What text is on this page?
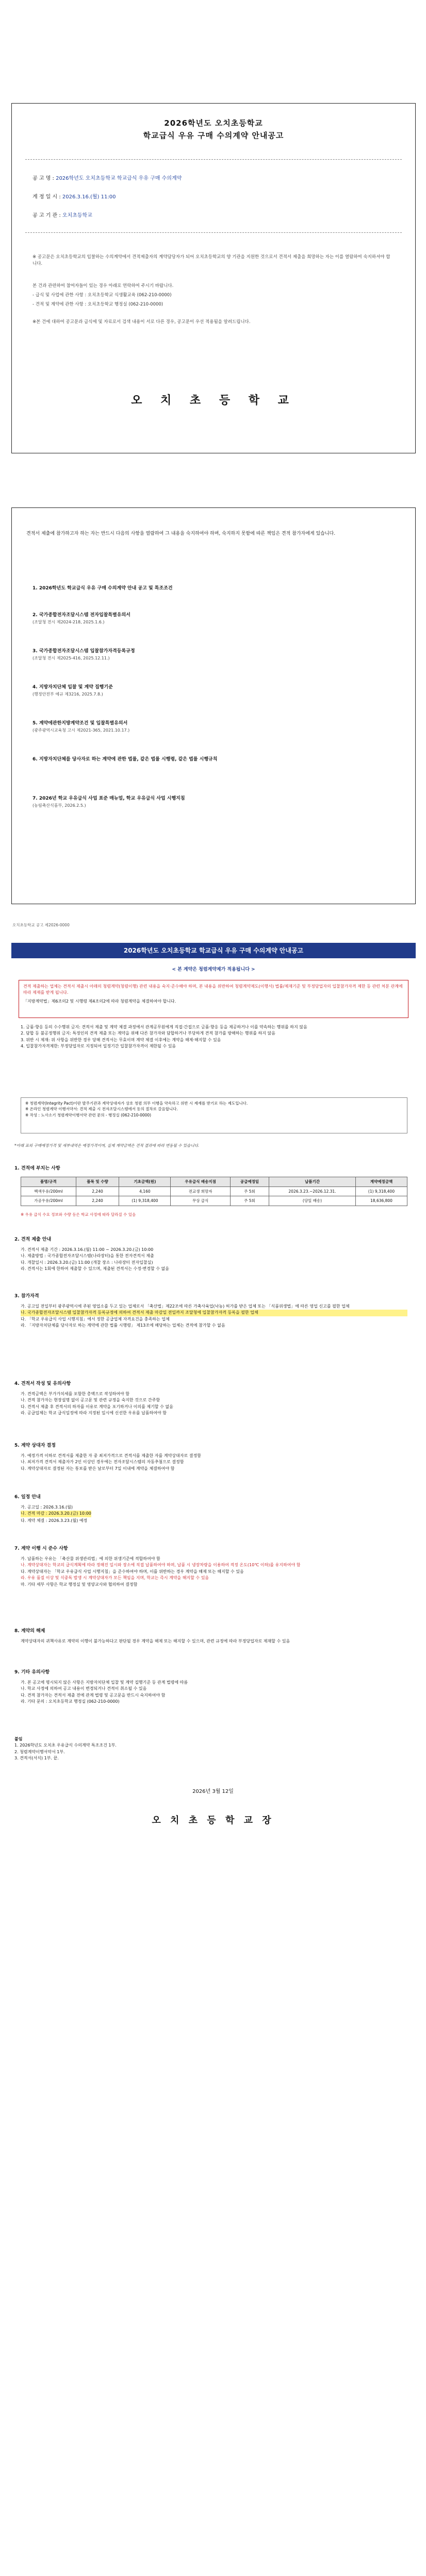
2026학년도 오치초등학교
학교급식 우유 구매 수의계약 안내공고
공 고 명 : 2026학년도 오치초등학교 학교급식 우유 구매 수의계약
게 정 일 시 : 2026.3.16.(월) 11:00
공 고 기 관 : 오치초등학교
※ 공고문은 오치초등학교의 입찰하는 수의계약에서 견적제출자의 계약담당자가 되어 오치초등학교의 양 기관을 지원한 것으로서 견적서 제출을 희망하는 자는 이를 열람하여 숙지하셔야 합니다.
본 건과 관련하여 참여자들이 있는 경우 아래로 연락하여 주시기 바랍니다.
- 급식 및 사업에 관한 사항 : 오치초등학교 식생활교육 (062-210-0000)
- 견적 및 계약에 관한 사항 : 오치초등학교 행정실 (062-210-0000)
※본 건에 대하여 공고문과 급식에 및 자료로서 검색 내용이 서로 다른 경우, 공고문이 우선 적용됨을 알려드립니다.
오 치 초 등 학 교
견적서 제출에 참가하고자 하는 자는 반드시 다음의 사항을 열람하여 그 내용을 숙지하여야 하며, 숙지하지 못함에 따른 책임은 견적 참가자에게 있습니다.
1. 2026학년도 학교급식 우유 구매 수의계약 안내 공고 및 특조조건
2. 국가종합전자조달시스템 전자입찰특별유의서
(조달청 전시 제2024-218, 2025.1.6.)
3. 국가종합전자조달시스템 입찰참가자격등록규정
(조달청 전시 제2025-416, 2025.12.11.)
4. 지방자치단체 입찰 및 계약 집행기준
(행정안전부 예규 제3216, 2025.7.8.)
5. 계약에관한지방계약조건 및 입찰특별유의서
(광주광역시교육청 고시 제2021-365, 2021.10.17.)
6. 지방자치단체를 당사자로 하는 계약에 관한 법률, 같은 법률 시행령, 같은 법률 시행규칙
7. 2026년 학교 우유급식 사업 표준 매뉴얼, 학교 우유급식 사업 시행지침
(농림축산식품부, 2026.2.5.)
오치초등학교 공고 제2026-0000
2026학년도 오치초등학교 학교급식 우유 구매 수의계약 안내공고
< 본 계약은 청렴계약제가 적용됩니다 >
견적 제출하는 업체는 견적서 제출시 아래의 청렴계약(청렴이행) 관련 내용을 숙지·준수해야 하며, 본 내용을 위반하여 청렴계약제도(이행서) 법률/제재기준 및 부정당업자의 입찰참가자격 제한 등 관련 처분 관계에 따라 제재를 받게 됩니다.
「지방계약법」제6조의2 및 시행령 제4조의2에 따라 청렴계약을 체결하여야 합니다.
1. 금품·향응 등의 수수행위 금지: 견적서 제출 및 계약 체결 과정에서 관계공무원에게 직접·간접으로 금품·향응 등을 제공하거나 이를 약속하는 행위를 하지 않음
2. 담합 등 불공정행위 금지: 특정인의 견적 제출 또는 계약을 위해 다른 참가자와 담합하거나 부당하게 견적 참가를 방해하는 행위를 하지 않음
3. 위반 시 제재: 위 사항을 위반한 경우 당해 견적서는 무효이며 계약 체결 이후에는 계약을 해제·해지할 수 있음
4. 입찰참가자격제한: 부정당업자로 지정되어 일정기간 입찰참가자격이 제한될 수 있음
※ 청렴계약(Integrity Pact)이란 발주기관과 계약상대자가 상호 청렴 의무 이행을 약속하고 위반 시 제재를 받기로 하는 제도입니다.
※ 온라인 청렴계약 이행서약서: 견적 제출 시 전자조달시스템에서 동의 절차로 갈음합니다.
※ 작성 : 노사소기 청렴계약이행서약 관련 문의 - 행정실 (062-210-0000)
*아래 표의 구매예정가격 및 세부내역은 예정가격이며, 실제 계약금액은 견적 결과에 따라 변동될 수 있습니다.
1. 견적에 부치는 사항
품명/규격	품목 및 수량	기초금액(원)	우유급식 배송지점	공급예정일	납품기간	계약예정금액
백색우유/200ml	2,240	4,160	전교생 희망자	주 5회	2026.3.23.~2026.12.31.	(1) 9,318,400
가공우유/200ml	2,240	(1) 9,318,400	무상 급식	주 5회	(당일 배송)	18,636,800
※ 우유 급식 수요 정보와 수량 등은 학교 사정에 따라 달라질 수 있음
2. 견적 제출 안내
가. 견적서 제출 기간 : 2026.3.16.(월) 11:00 ~ 2026.3.20.(금) 10:00
나. 제출방법 : 국가종합전자조달시스템(나라장터)을 통한 전자견적서 제출
다. 개찰일시 : 2026.3.20.(금) 11:00 (개찰 장소 : 나라장터 전자입찰실)
라. 견적서는 1회에 한하여 제출할 수 있으며, 제출된 견적서는 수정·변경할 수 없음
3. 참가자격
가. 공고일 전일부터 광주광역시에 주된 영업소를 두고 있는 업체로서 「축산법」제22조에 따른 가축사육업(낙농) 허가를 받은 업체 또는 「식품위생법」에 따른 영업 신고를 필한 업체
나. 국가종합전자조달시스템 입찰참가자격 등록규정에 의하여 견적서 제출 마감일 전일까지 조달청에 입찰참가자격 등록을 필한 업체
다. 「학교 우유급식 사업 시행지침」에서 정한 공급업체 자격요건을 충족하는 업체
라. 「지방자치단체를 당사자로 하는 계약에 관한 법률 시행령」 제13조에 해당하는 업체는 견적에 참가할 수 없음
4. 견적서 작성 및 유의사항
가. 견적금액은 부가가치세를 포함한 총액으로 작성하여야 함
나. 견적 참가자는 현장설명 없이 공고문 및 관련 규정을 숙지한 것으로 간주함
다. 견적서 제출 후 견적서의 하자를 이유로 계약을 포기하거나 이의를 제기할 수 없음
라. 공급업체는 학교 급식일정에 따라 지정된 일시에 신선한 우유를 납품하여야 함
5. 계약 상대자 결정
가. 예정가격 이하로 견적서를 제출한 자 중 최저가격으로 견적서를 제출한 자를 계약상대자로 결정함
나. 최저가격 견적서 제출자가 2인 이상인 경우에는 전자조달시스템의 자동추첨으로 결정함
다. 계약상대자로 결정된 자는 통보를 받은 날로부터 7일 이내에 계약을 체결하여야 함
6. 일정 안내
가. 공고일 : 2026.3.16.(월)
나. 견적 마감 : 2026.3.20.(금) 10:00
다. 계약 체결 : 2026.3.23.(월) 예정
7. 계약 이행 시 준수 사항
가. 납품하는 우유는 「축산물 위생관리법」에 의한 위생기준에 적합하여야 함
나. 계약상대자는 학교의 급식계획에 따라 정해진 일시와 장소에 직접 납품하여야 하며, 납품 시 냉장차량을 이용하여 적정 온도(10℃ 이하)를 유지하여야 함
다. 계약상대자는 「학교 우유급식 사업 시행지침」을 준수하여야 하며, 이를 위반하는 경우 계약을 해제 또는 해지할 수 있음
라. 우유 품질 이상 및 식중독 발생 시 계약상대자가 모든 책임을 지며, 학교는 즉시 계약을 해지할 수 있음
마. 기타 세부 사항은 학교 행정실 및 영양교사와 협의하여 결정함
8. 계약의 해제
계약상대자의 귀책사유로 계약의 이행이 불가능하다고 판단될 경우 계약을 해제 또는 해지할 수 있으며, 관련 규정에 따라 부정당업자로 제재할 수 있음
9. 기타 유의사항
가. 본 공고에 명시되지 않은 사항은 지방자치단체 입찰 및 계약 집행기준 등 관계 법령에 따름
나. 학교 사정에 의하여 공고 내용이 변경되거나 견적이 취소될 수 있음
다. 견적 참가자는 견적서 제출 전에 관계 법령 및 공고문을 반드시 숙지하여야 함
라. 기타 문의 : 오치초등학교 행정실 (062-210-0000)
붙임
1. 2026학년도 오치초 우유급식 수의계약 특조조건 1부.
2. 청렴계약이행서약서 1부.
3. 견적서(서식) 1부. 끝.
2026년 3월 12일
오 치 초 등 학 교 장
